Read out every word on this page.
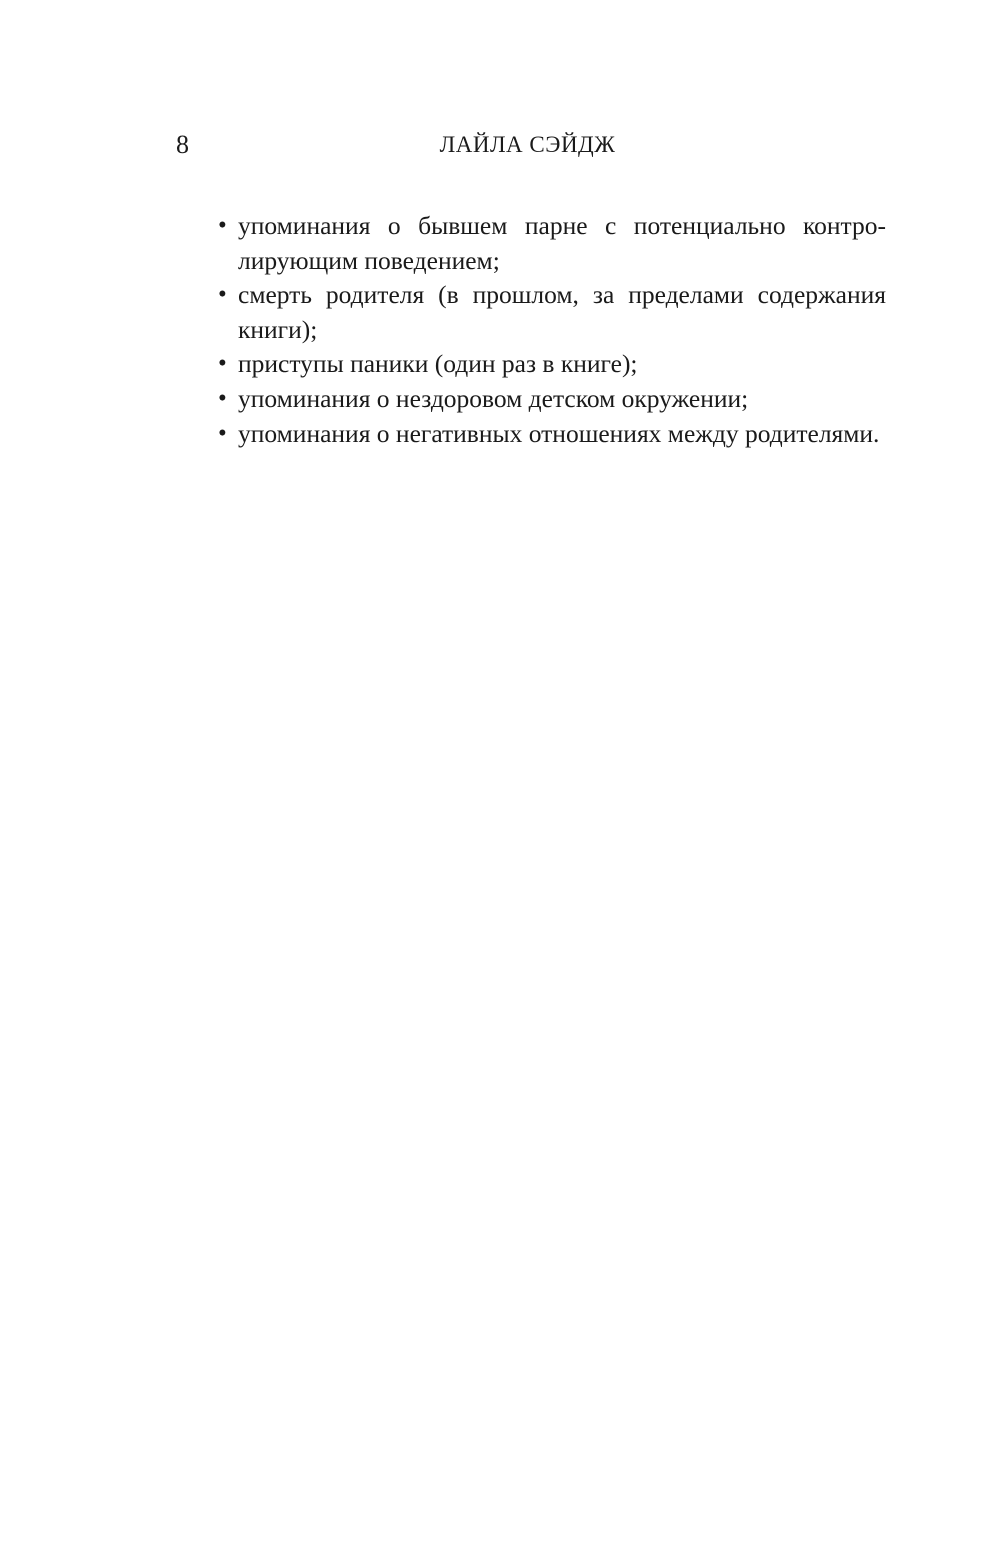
8	ЛАЙЛА СЭЙДЖ
• упоминания о бывшем парне с потенциально контролирующим поведением;
• смерть родителя (в прошлом, за пределами содержания книги);
• приступы паники (один раз в книге);
• упоминания о нездоровом детском окружении;
• упоминания о негативных отношениях между родителями.
